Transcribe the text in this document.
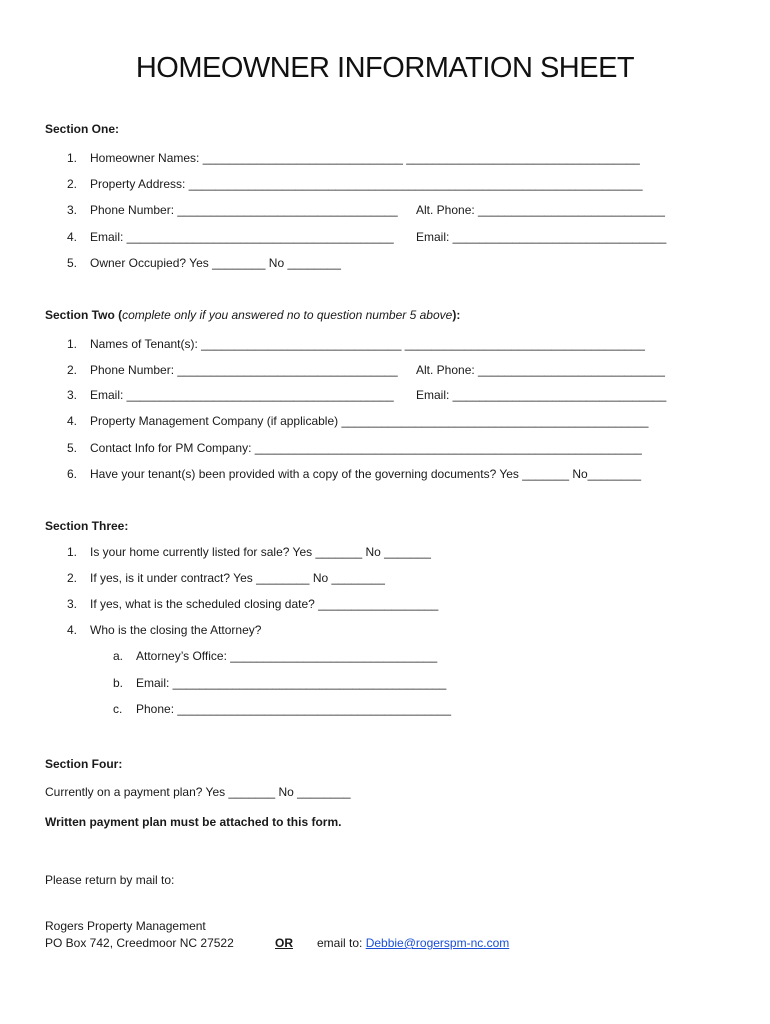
HOMEOWNER INFORMATION SHEET
Section One:
1. Homeowner Names: ______________________________ ___________________________________
2. Property Address: ____________________________________________________________________
3. Phone Number: _________________________________ Alt. Phone: ____________________________
4. Email: ________________________________________ Email: ________________________________
5. Owner Occupied? Yes ________ No ________
Section Two (complete only if you answered no to question number 5 above):
1. Names of Tenant(s): ______________________________ ____________________________________
2. Phone Number: _________________________________ Alt. Phone: ____________________________
3. Email: ________________________________________ Email: ________________________________
4. Property Management Company (if applicable) ______________________________________________
5. Contact Info for PM Company: __________________________________________________________
6. Have your tenant(s) been provided with a copy of the governing documents? Yes _______ No________
Section Three:
1. Is your home currently listed for sale? Yes _______ No _______
2. If yes, is it under contract? Yes ________ No ________
3. If yes, what is the scheduled closing date? __________________
4. Who is the closing the Attorney?
a. Attorney’s Office: _______________________________
b. Email: _________________________________________
c. Phone: _________________________________________
Section Four:
Currently on a payment plan? Yes _______ No ________
Written payment plan must be attached to this form.
Please return by mail to:
Rogers Property Management
PO Box 742, Creedmoor NC 27522	OR email to: Debbie@rogerspm-nc.com
